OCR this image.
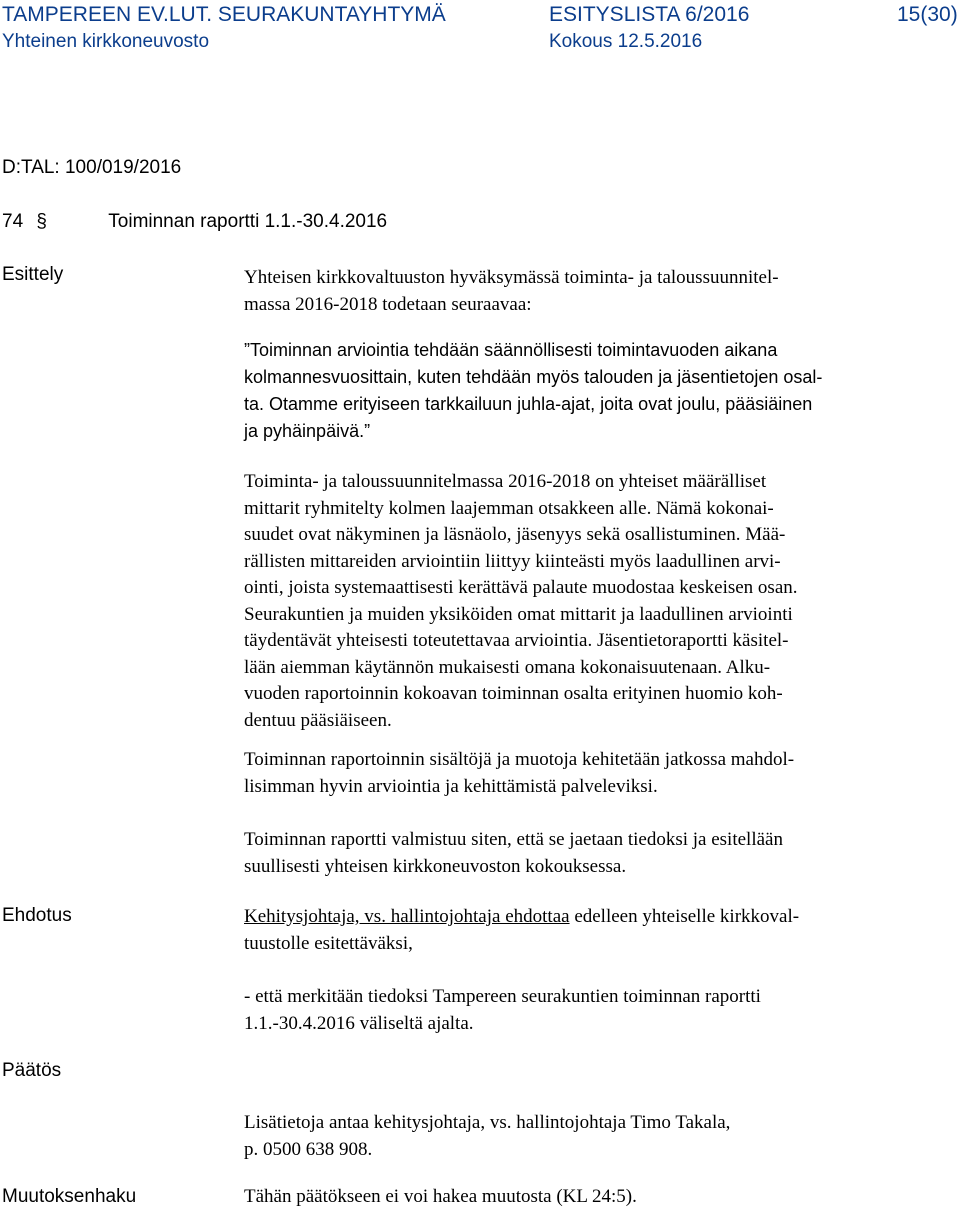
TAMPEREEN EV.LUT. SEURAKUNTAYHTYMÄ	ESITYSLISTA 6/2016	15(30)
Yhteinen kirkkoneuvosto	Kokous 12.5.2016
D:TAL: 100/019/2016
74 §	Toiminnan raportti 1.1.-30.4.2016
Esittely	Yhteisen kirkkovaltuuston hyväksymässä toiminta- ja taloussuunnitel-
massa 2016-2018 todetaan seuraavaa:
”Toiminnan arviointia tehdään säännöllisesti toimintavuoden aikana
kolmannesvuosittain, kuten tehdään myös talouden ja jäsentietojen osal-
ta. Otamme erityiseen tarkkailuun juhla-ajat, joita ovat joulu, pääsiäinen
ja pyhäinpäivä.”
Toiminta- ja taloussuunnitelmassa 2016-2018 on yhteiset määrälliset
mittarit ryhmitelty kolmen laajemman otsakkeen alle. Nämä kokonai-
suudet ovat näkyminen ja läsnäolo, jäsenyys sekä osallistuminen. Mää-
rällisten mittareiden arviointiin liittyy kiinteästi myös laadullinen arvi-
ointi, joista systemaattisesti kerättävä palaute muodostaa keskeisen osan.
Seurakuntien ja muiden yksiköiden omat mittarit ja laadullinen arviointi
täydentävät yhteisesti toteutettavaa arviointia. Jäsentietoraportti käsitel-
lään aiemman käytännön mukaisesti omana kokonaisuutenaan. Alku-
vuoden raportoinnin kokoavan toiminnan osalta erityinen huomio koh-
dentuu pääsiäiseen.
Toiminnan raportoinnin sisältöjä ja muotoja kehitetään jatkossa mahdol-
lisimman hyvin arviointia ja kehittämistä palveleviksi.
Toiminnan raportti valmistuu siten, että se jaetaan tiedoksi ja esitellään
suullisesti yhteisen kirkkoneuvoston kokouksessa.
Ehdotus	Kehitysjohtaja, vs. hallintojohtaja ehdottaa edelleen yhteiselle kirkkoval-
tuustolle esitettäväksi,
- että merkitään tiedoksi Tampereen seurakuntien toiminnan raportti
1.1.-30.4.2016 väliseltä ajalta.
Päätös
Lisätietoja antaa kehitysjohtaja, vs. hallintojohtaja Timo Takala,
p. 0500 638 908.
Muutoksenhaku	Tähän päätökseen ei voi hakea muutosta (KL 24:5).
